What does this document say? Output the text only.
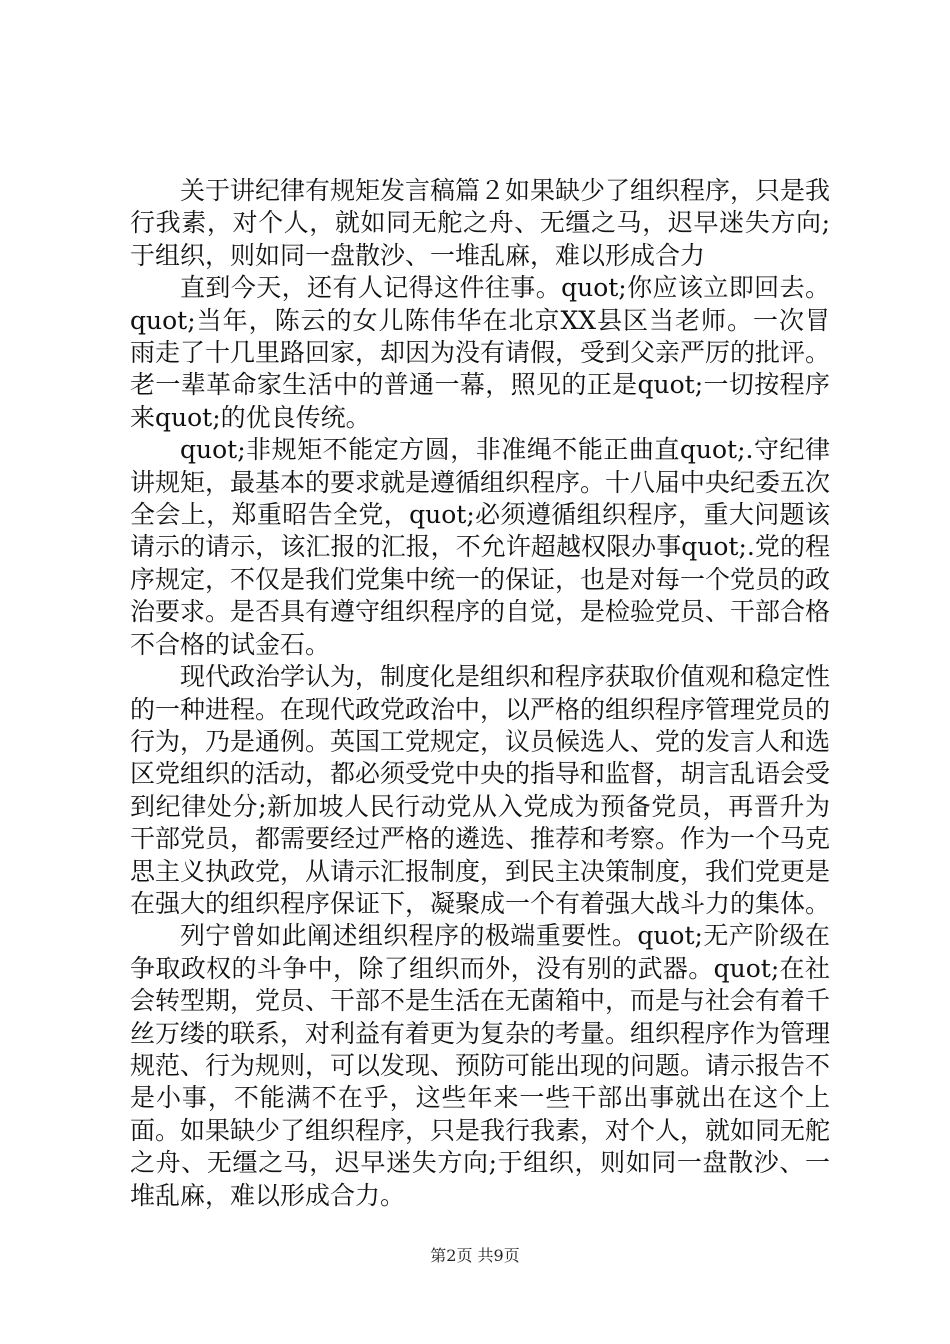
关于讲纪律有规矩发言稿篇２如果缺少了组织程序，只是我行我素，对个人，就如同无舵之舟、无缰之马，迟早迷失方向;于组织，则如同一盘散沙、一堆乱麻，难以形成合力

直到今天，还有人记得这件往事。quot;你应该立即回去。quot;当年，陈云的女儿陈伟华在北京XX县区当老师。一次冒雨走了十几里路回家，却因为没有请假，受到父亲严厉的批评。老一辈革命家生活中的普通一幕，照见的正是quot;一切按程序来quot;的优良传统。

quot;非规矩不能定方圆，非准绳不能正曲直quot;.守纪律讲规矩，最基本的要求就是遵循组织程序。十八届中央纪委五次全会上，郑重昭告全党，quot;必须遵循组织程序，重大问题该请示的请示，该汇报的汇报，不允许超越权限办事quot;.党的程序规定，不仅是我们党集中统一的保证，也是对每一个党员的政治要求。是否具有遵守组织程序的自觉，是检验党员、干部合格不合格的试金石。

现代政治学认为，制度化是组织和程序获取价值观和稳定性的一种进程。在现代政党政治中，以严格的组织程序管理党员的行为，乃是通例。英国工党规定，议员候选人、党的发言人和选区党组织的活动，都必须受党中央的指导和监督，胡言乱语会受到纪律处分;新加坡人民行动党从入党成为预备党员，再晋升为干部党员，都需要经过严格的遴选、推荐和考察。作为一个马克思主义执政党，从请示汇报制度，到民主决策制度，我们党更是在强大的组织程序保证下，凝聚成一个有着强大战斗力的集体。

列宁曾如此阐述组织程序的极端重要性。quot;无产阶级在争取政权的斗争中，除了组织而外，没有别的武器。quot;在社会转型期，党员、干部不是生活在无菌箱中，而是与社会有着千丝万缕的联系，对利益有着更为复杂的考量。组织程序作为管理规范、行为规则，可以发现、预防可能出现的问题。请示报告不是小事，不能满不在乎，这些年来一些干部出事就出在这个上面。如果缺少了组织程序，只是我行我素，对个人，就如同无舵之舟、无缰之马，迟早迷失方向;于组织，则如同一盘散沙、一堆乱麻，难以形成合力。

第2页 共9页
